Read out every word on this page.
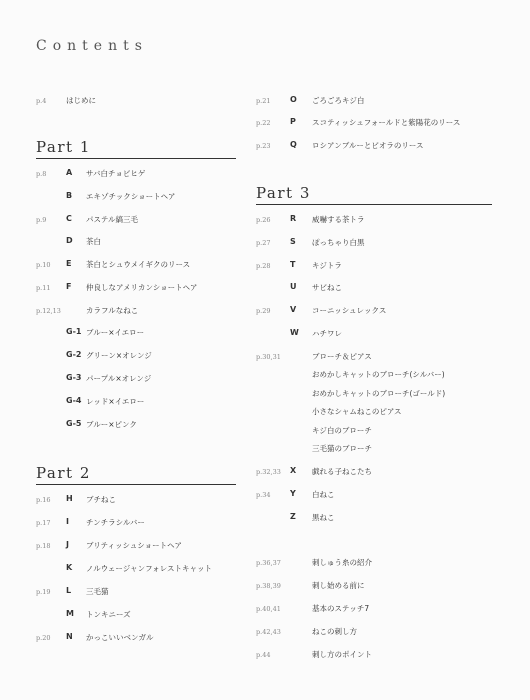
Contents
p.4	はじめに
Part 1
p.8 A サバ白チョビヒゲ
B エキゾチックショートヘア
p.9 C パステル縞三毛
D 茶白
p.10 E 茶白とシュウメイギクのリース
p.11 F 仲良しなアメリカンショートヘア
p.12,13	カラフルなねこ
G-1 ブルー×イエロー
G-2 グリーン×オレンジ
G-3 パープル×オレンジ
G-4 レッド×イエロー
G-5 ブルー×ピンク
Part 2
p.16 H ブチねこ
p.17 I チンチラシルバー
p.18 J ブリティッシュショートヘア
K ノルウェージャンフォレストキャット
p.19 L 三毛猫
M トンキニーズ
p.20 N かっこいいベンガル
p.21 O ごろごろキジ白
p.22 P スコティッシュフォールドと紫陽花のリース
p.23 Q ロシアンブルーとビオラのリース
Part 3
p.26 R 威嚇する茶トラ
p.27 S ぽっちゃり白黒
p.28 T キジトラ
U サビねこ
p.29 V コーニッシュレックス
W ハチワレ
p.30,31	ブローチ＆ピアス
おめかしキャットのブローチ(シルバー)
おめかしキャットのブローチ(ゴールド)
小さなシャムねこのピアス
キジ白のブローチ
三毛猫のブローチ
p.32,33 X 戯れる子ねこたち
p.34 Y 白ねこ
Z 黒ねこ
p.36,37	刺しゅう糸の紹介
p.38,39	刺し始める前に
p.40,41	基本のステッチ7
p.42,43	ねこの刺し方
p.44	刺し方のポイント
